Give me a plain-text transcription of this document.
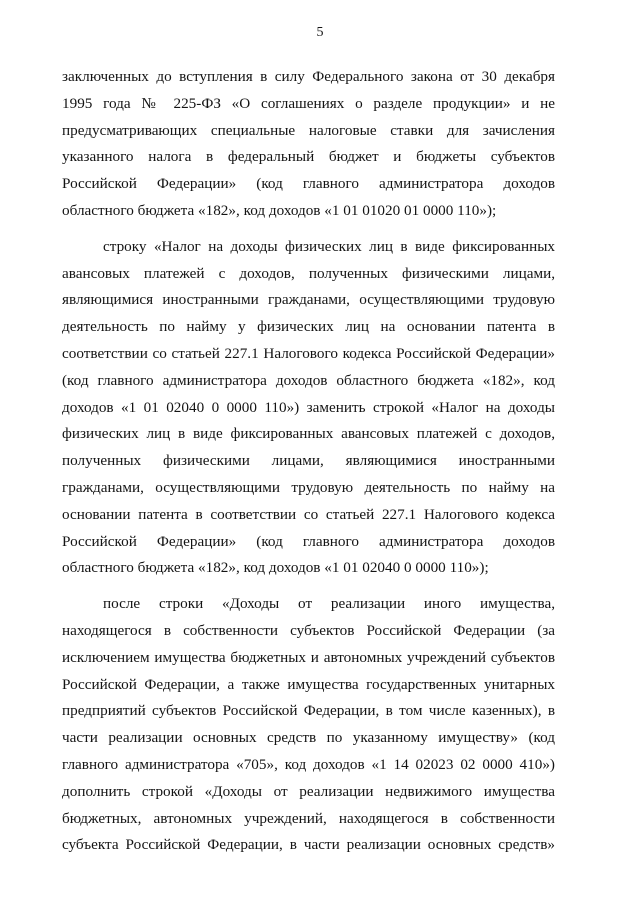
5
заключенных до вступления в силу Федерального закона от 30 декабря
1995 года № 225-ФЗ «О соглашениях о разделе продукции» и не
предусматривающих специальные налоговые ставки для зачисления
указанного налога в федеральный бюджет и бюджеты субъектов
Российской Федерации» (код главного администратора доходов
областного бюджета «182», код доходов «1 01 01020 01 0000 110»);
строку «Налог на доходы физических лиц в виде фиксированных
авансовых платежей с доходов, полученных физическими лицами,
являющимися иностранными гражданами, осуществляющими трудовую
деятельность по найму у физических лиц на основании патента в
соответствии со статьей 227.1 Налогового кодекса Российской Федерации»
(код главного администратора доходов областного бюджета «182», код
доходов «1 01 02040 0 0000 110») заменить строкой «Налог на доходы
физических лиц в виде фиксированных авансовых платежей с доходов,
полученных физическими лицами, являющимися иностранными
гражданами, осуществляющими трудовую деятельность по найму на
основании патента в соответствии со статьей 227.1 Налогового кодекса
Российской Федерации» (код главного администратора доходов
областного бюджета «182», код доходов «1 01 02040 0 0000 110»);
после строки «Доходы от реализации иного имущества,
находящегося в собственности субъектов Российской Федерации (за
исключением имущества бюджетных и автономных учреждений субъектов
Российской Федерации, а также имущества государственных унитарных
предприятий субъектов Российской Федерации, в том числе казенных), в
части реализации основных средств по указанному имуществу» (код
главного администратора «705», код доходов «1 14 02023 02 0000 410»)
дополнить строкой «Доходы от реализации недвижимого имущества
бюджетных, автономных учреждений, находящегося в собственности
субъекта Российской Федерации, в части реализации основных средств»
